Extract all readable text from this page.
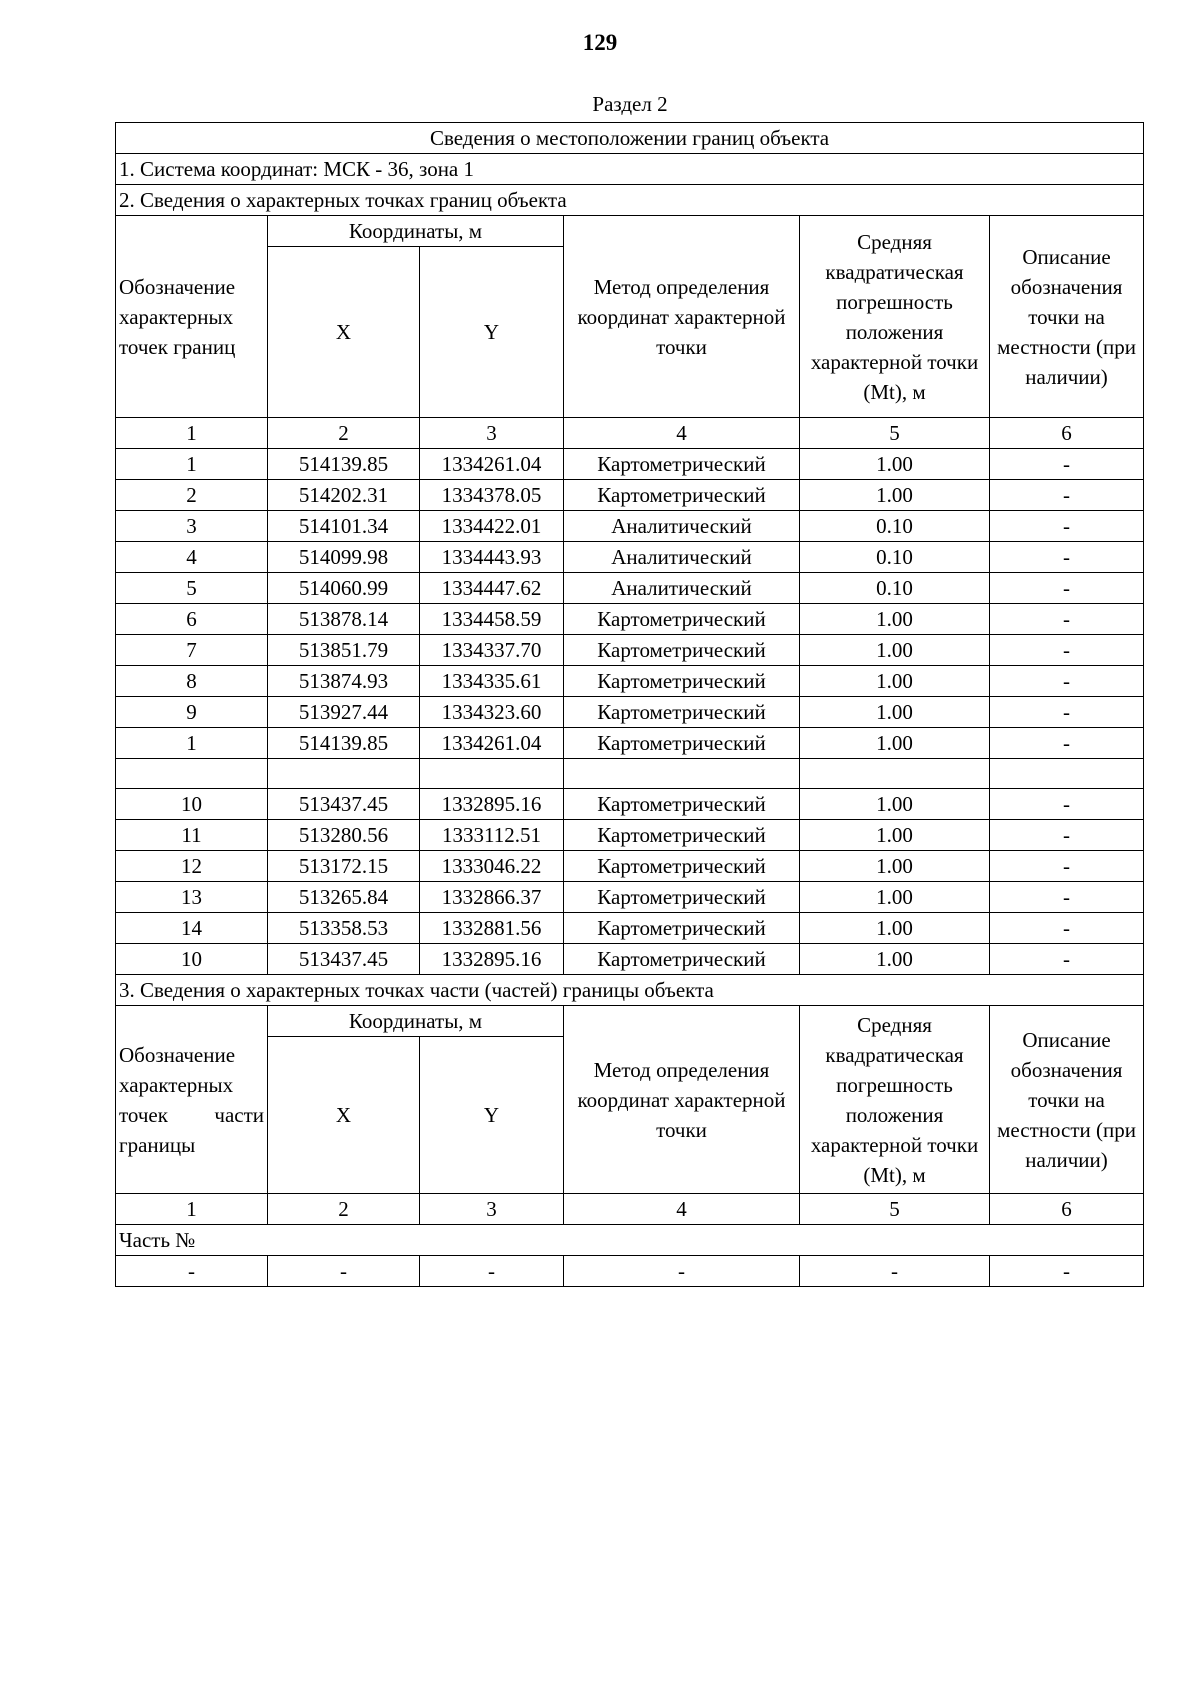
129
Раздел 2
Сведения о местоположении границ объекта					
1. Система координат: МСК - 36, зона 1					
2. Сведения о характерных точках границ объекта					
Обозначение характерных точек границ	Координаты, м		Метод определения координат характерной точки	Средняя квадратическая погрешность положения характерной точки (Mt), м	Описание обозначения точки на местности (при наличии)
	X	Y			
1	2	3	4	5	6
1	514139.85	1334261.04	Картометрический	1.00	-
2	514202.31	1334378.05	Картометрический	1.00	-
3	514101.34	1334422.01	Аналитический	0.10	-
4	514099.98	1334443.93	Аналитический	0.10	-
5	514060.99	1334447.62	Аналитический	0.10	-
6	513878.14	1334458.59	Картометрический	1.00	-
7	513851.79	1334337.70	Картометрический	1.00	-
8	513874.93	1334335.61	Картометрический	1.00	-
9	513927.44	1334323.60	Картометрический	1.00	-
1	514139.85	1334261.04	Картометрический	1.00	-

10	513437.45	1332895.16	Картометрический	1.00	-
11	513280.56	1333112.51	Картометрический	1.00	-
12	513172.15	1333046.22	Картометрический	1.00	-
13	513265.84	1332866.37	Картометрический	1.00	-
14	513358.53	1332881.56	Картометрический	1.00	-
10	513437.45	1332895.16	Картометрический	1.00	-
3. Сведения о характерных точках части (частей) границы объекта					
Обозначение характерных точек части границы	Координаты, м		Метод определения координат характерной точки	Средняя квадратическая погрешность положения характерной точки (Mt), м	Описание обозначения точки на местности (при наличии)
	X	Y			
1	2	3	4	5	6
Часть №					
-	-	-	-	-	-
